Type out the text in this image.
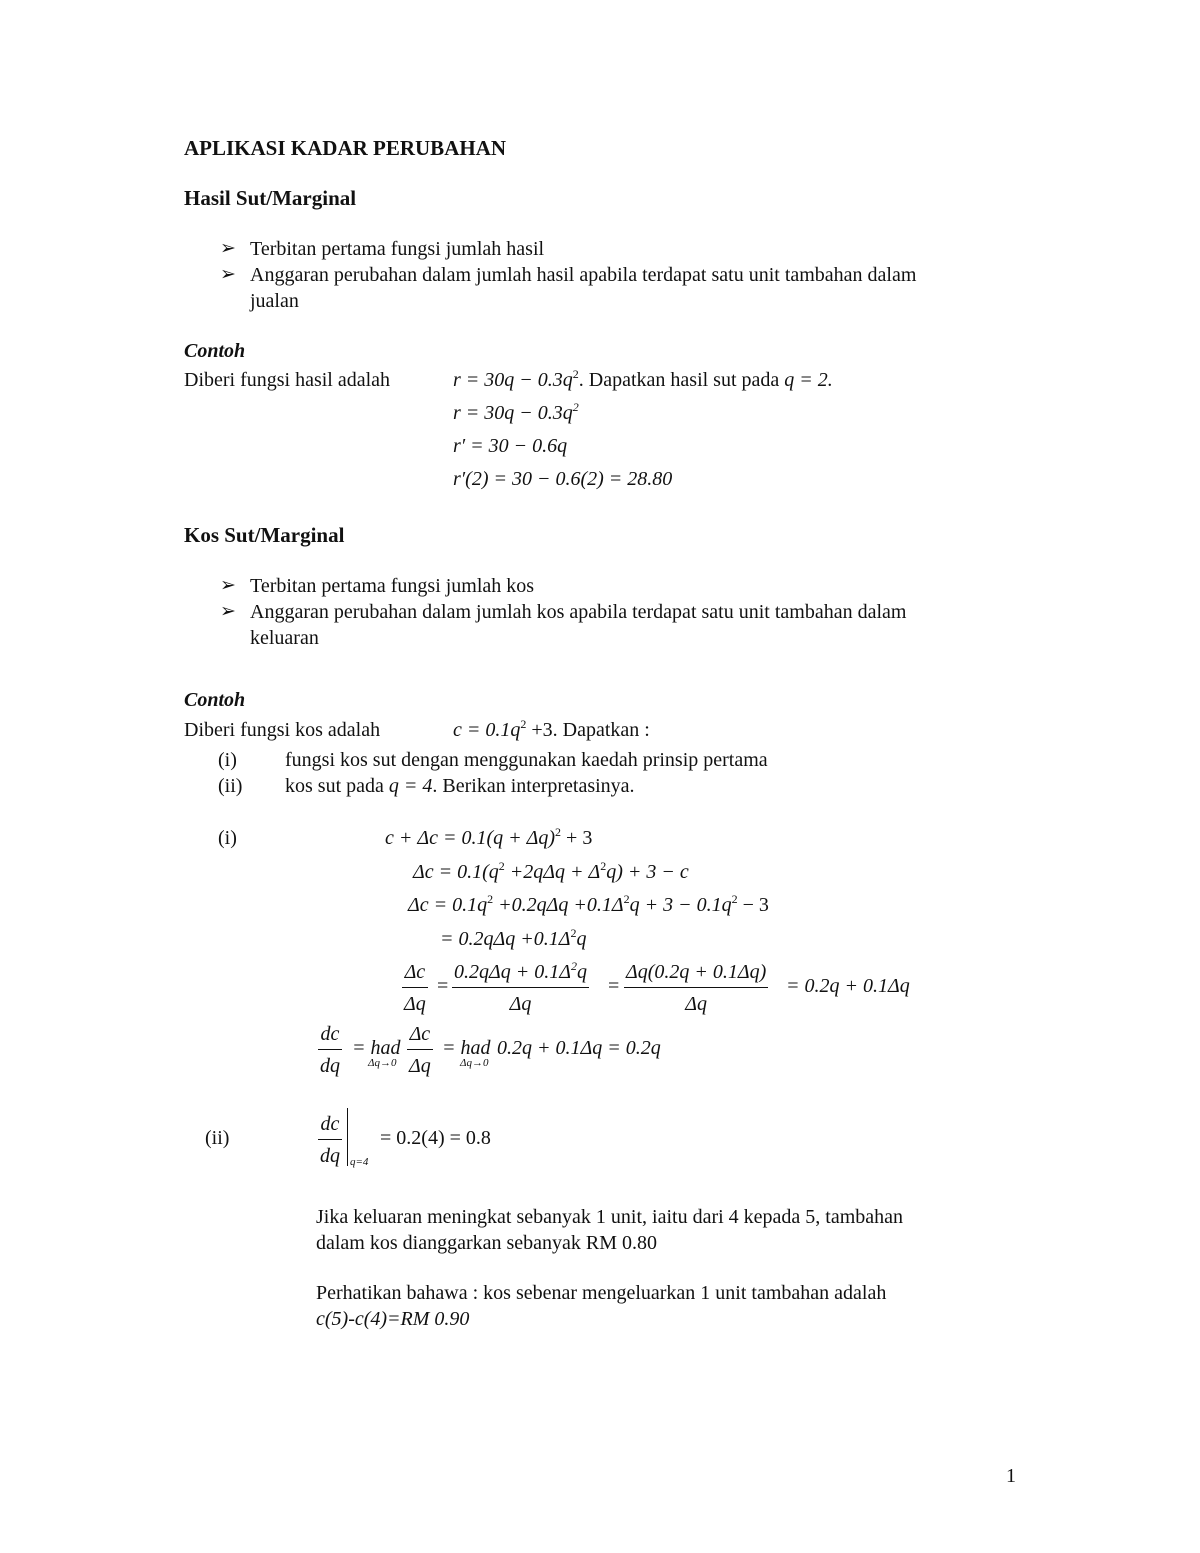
APLIKASI KADAR PERUBAHAN
Hasil Sut/Marginal
➢ Terbitan pertama fungsi jumlah hasil
➢ Anggaran perubahan dalam jumlah hasil apabila terdapat satu unit tambahan dalam
jualan
Contoh
Diberi fungsi hasil adalah	$r = 30q - 0.3q^2$. Dapatkan hasil sut pada q = 2.
$r = 30q - 0.3q^2$
r′ = 30 − 0.6q
r′(2) = 30 − 0.6(2) = 28.80
Kos Sut/Marginal
➢ Terbitan pertama fungsi jumlah kos
➢ Anggaran perubahan dalam jumlah kos apabila terdapat satu unit tambahan dalam
keluaran
Contoh
Diberi fungsi kos adalah	$c = 0.1q^2 +3$. Dapatkan :
(i) fungsi kos sut dengan menggunakan kaedah prinsip pertama
(ii) kos sut pada q = 4. Berikan interpretasinya.
(i)	$c + \Delta c = 0.1(q + \Delta q)^2 + 3$
$\Delta c = 0.1(q^2 +2q\Delta q + \Delta^2q) + 3 - c$
$\Delta c = 0.1q^2 +0.2q\Delta q +0.1\Delta^2q + 3 - 0.1q^2 - 3$
= $0.2q\Delta q +0.1\Delta^2q$
Δc
Δq
=
$0.2q\Delta q + 0.1\Delta^2q$
Δq
=
Δq(0.2q + 0.1Δq)
Δq
= 0.2q + 0.1Δq
dc
dq
= had
Δq→0
Δc
Δq
= had
Δq→0
0.2q + 0.1Δq = 0.2q
(ii)
dc
dq q=4
= 0.2(4) = 0.8
Jika keluaran meningkat sebanyak 1 unit, iaitu dari 4 kepada 5, tambahan
dalam kos dianggarkan sebanyak RM 0.80
Perhatikan bahawa : kos sebenar mengeluarkan 1 unit tambahan adalah
c(5)-c(4)=RM 0.90
1
